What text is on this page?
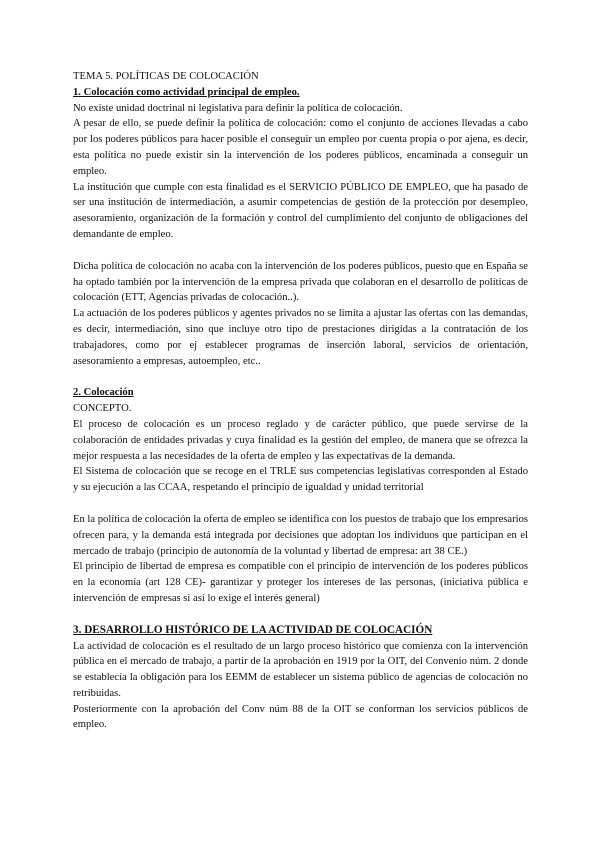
TEMA 5. POLÍTICAS DE COLOCACIÓN

1. Colocación como actividad principal de empleo.

No existe unidad doctrinal ni legislativa para definir la política de colocación.

A pesar de ello, se puede definir la política de colocación: como el conjunto de acciones llevadas a cabo por los poderes públicos para hacer posible el conseguir un empleo por cuenta propia o por ajena, es decir, esta política no puede existir sin la intervención de los poderes públicos, encaminada a conseguir un empleo.

La institución que cumple con esta finalidad es el SERVICIO PÚBLICO DE EMPLEO, que ha pasado de ser una institución de intermediación, a asumir competencias de gestión de la protección por desempleo, asesoramiento, organización de la formación y control del cumplimiento del conjunto de obligaciones del demandante de empleo.

Dicha política de colocación no acaba con la intervención de los poderes públicos, puesto que en España se ha optado también por la intervención de la empresa privada que colaboran en el desarrollo de políticas de colocación (ETT, Agencias privadas de colocación..).

La actuación de los poderes públicos y agentes privados no se limita a ajustar las ofertas con las demandas, es decir, intermediación, sino que incluye otro tipo de prestaciones dirigidas a la contratación de los trabajadores, como por ej establecer programas de inserción laboral, servicios de orientación, asesoramiento a empresas, autoempleo, etc..

2. Colocación

CONCEPTO.

El proceso de colocación es un proceso reglado y de carácter público, que puede servirse de la colaboración de entidades privadas y cuya finalidad es la gestión del empleo, de manera que se ofrezca la mejor respuesta a las necesidades de la oferta de empleo y las expectativas de la demanda.

El Sistema de colocación que se recoge en el TRLE sus competencias legislativas corresponden al Estado y su ejecución a las CCAA, respetando el principio de igualdad y unidad territorial

En la política de colocación la oferta de empleo se identifica con los puestos de trabajo que los empresarios ofrecen para, y la demanda está integrada por decisiones que adoptan los individuos que participan en el mercado de trabajo (principio de autonomía de la voluntad y libertad de empresa: art 38 CE.)

El principio de libertad de empresa es compatible con el principio de intervención de los poderes públicos en la economía (art 128 CE)- garantizar y proteger los intereses de las personas, (iniciativa pública e intervención de empresas si así lo exige el interés general)

3. DESARROLLO HISTÓRICO DE LA ACTIVIDAD DE COLOCACIÓN

La actividad de colocación es el resultado de un largo proceso histórico que comienza con la intervención pública en el mercado de trabajo, a partir de la aprobación en 1919 por la OIT, del Convenio núm. 2 donde se establecía la obligación para los EEMM de establecer un sistema público de agencias de colocación no retribuidas.

Posteriormente con la aprobación del Conv núm 88 de la OIT se conforman los servicios públicos de empleo.
